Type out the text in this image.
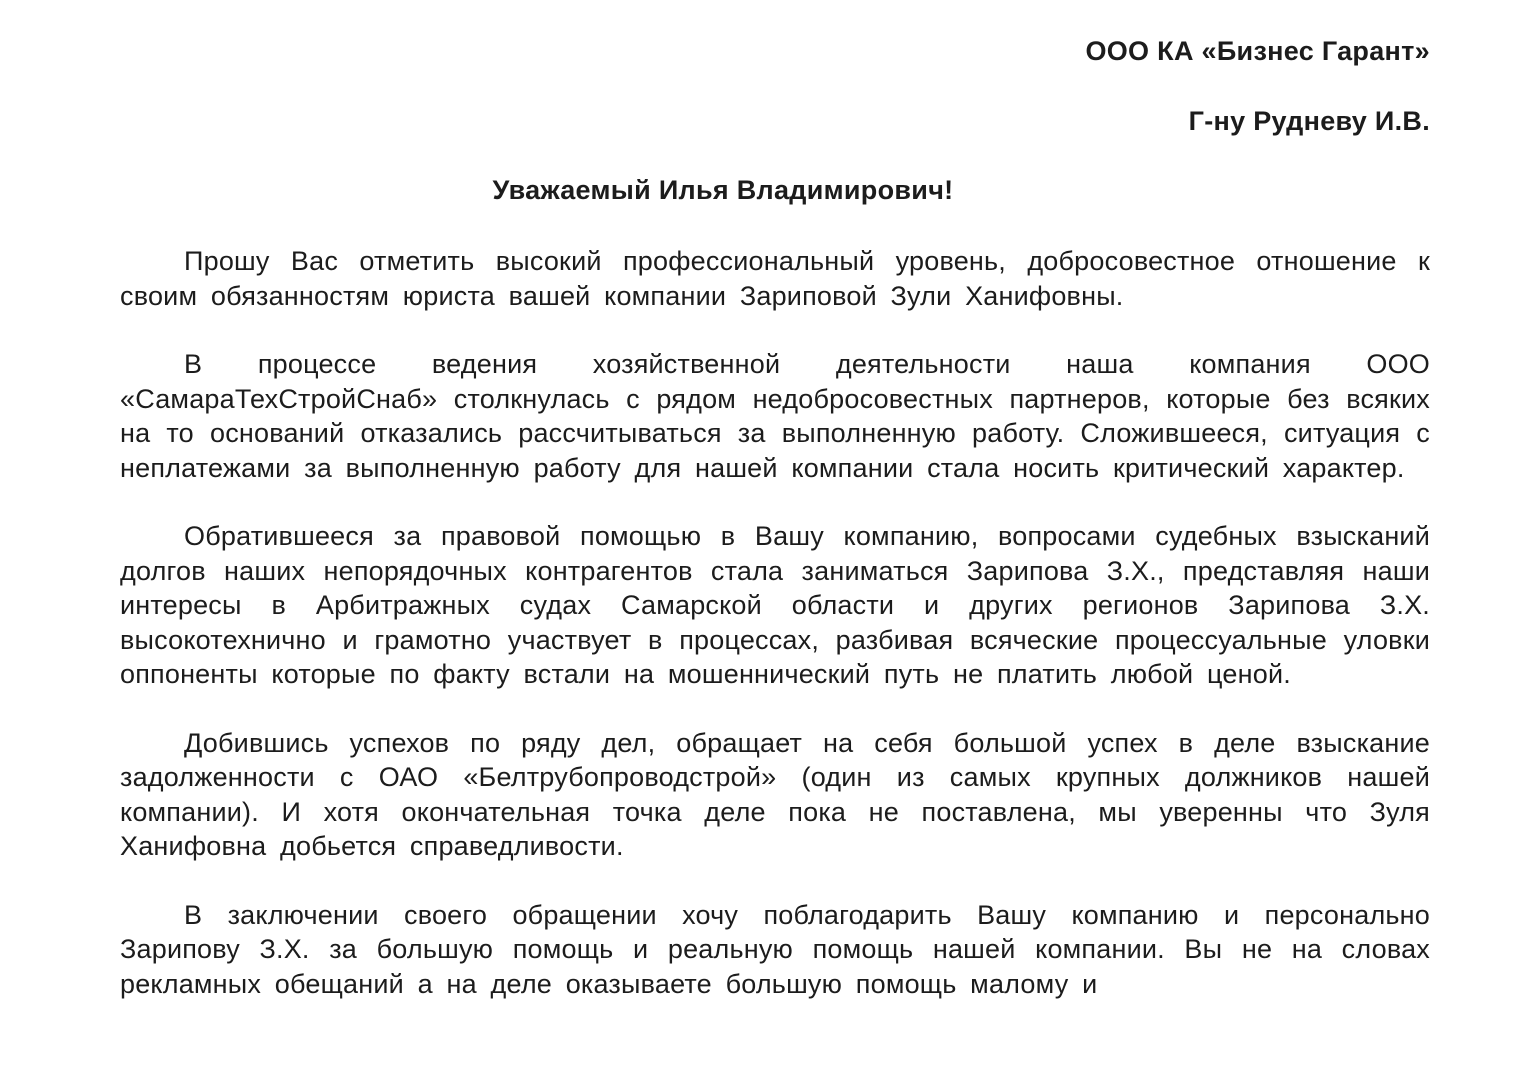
ООО КА «Бизнес Гарант»
Г-ну Рудневу И.В.
Уважаемый Илья Владимирович!

Прошу Вас отметить высокий профессиональный уровень, добросовестное отношение к своим обязанностям юриста вашей компании Зариповой Зули Ханифовны.

В процессе ведения хозяйственной деятельности наша компания ООО «СамараТехСтройСнаб» столкнулась с рядом недобросовестных партнеров, которые без всяких на то оснований отказались рассчитываться за выполненную работу. Сложившееся, ситуация с неплатежами за выполненную работу для нашей компании стала носить критический характер.

Обратившееся за правовой помощью в Вашу компанию, вопросами судебных взысканий долгов наших непорядочных контрагентов стала заниматься Зарипова З.Х., представляя наши интересы в Арбитражных судах Самарской области и других регионов Зарипова З.Х. высокотехнично и грамотно участвует в процессах, разбивая всяческие процессуальные уловки оппоненты которые по факту встали на мошеннический путь не платить любой ценой.

Добившись успехов по ряду дел, обращает на себя большой успех в деле взыскание задолженности с ОАО «Белтрубопроводстрой» (один из самых крупных должников нашей компании). И хотя окончательная точка деле пока не поставлена, мы уверенны что Зуля Ханифовна добьется справедливости.

В заключении своего обращении хочу поблагодарить Вашу компанию и персонально Зарипову З.Х. за большую помощь и реальную помощь нашей компании. Вы не на словах рекламных обещаний а на деле оказываете большую помощь малому и
